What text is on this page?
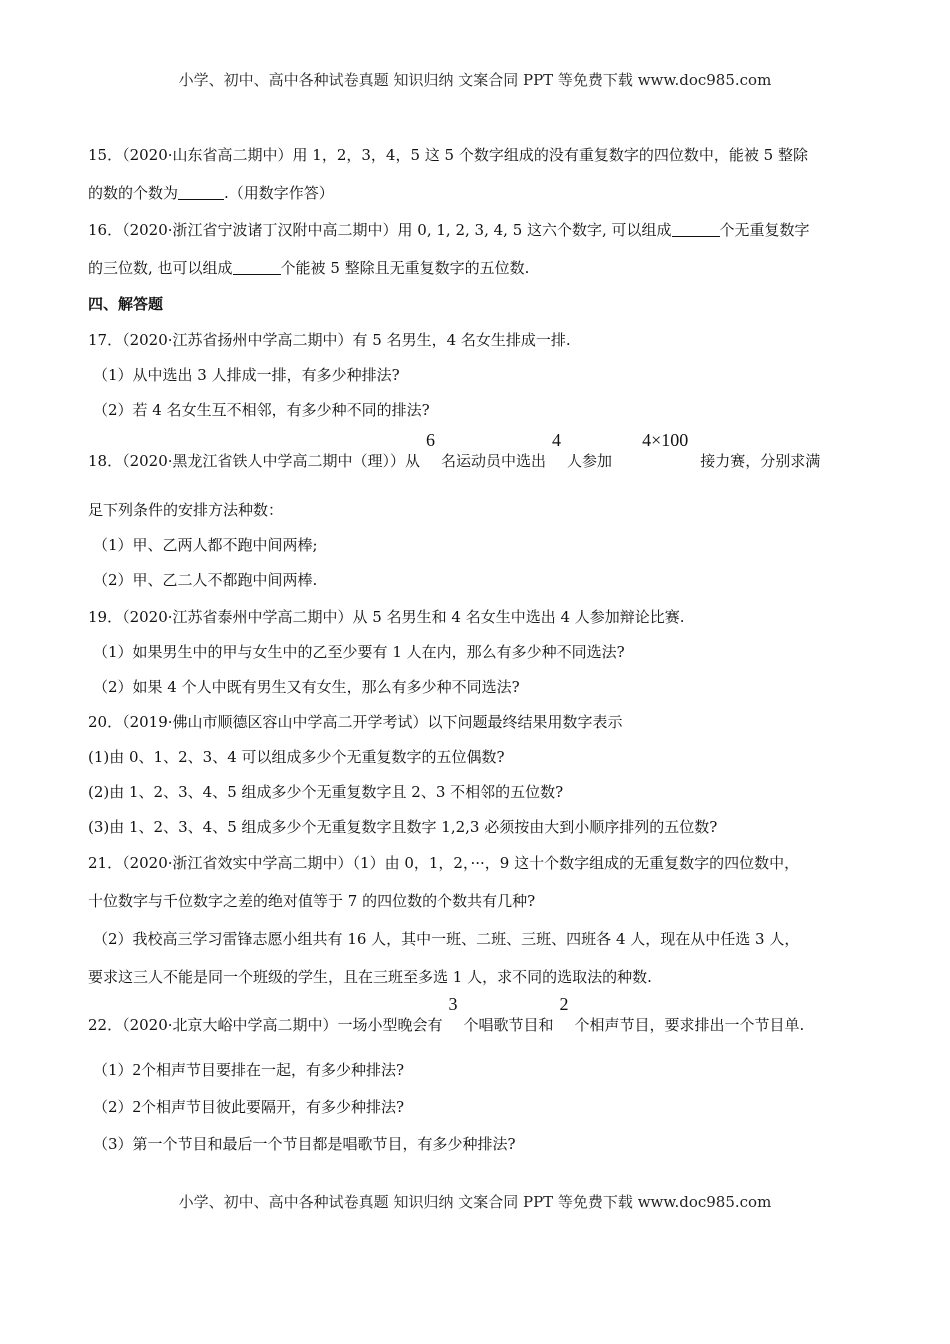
小学、初中、高中各种试卷真题 知识归纳 文案合同 PPT 等免费下载 www.doc985.com
15．（2020·山东省高二期中）用 1，2，3，4，5 这 5 个数字组成的没有重复数字的四位数中，能被 5 整除
的数的个数为	.（用数字作答）
16．（2020·浙江省宁波诸丁汉附中高二期中）用 0, 1, 2, 3, 4, 5 这六个数字, 可以组成	个无重复数字
的三位数, 也可以组成	个能被 5 整除且无重复数字的五位数.
四、解答题
17．（2020·江苏省扬州中学高二期中）有 5 名男生，4 名女生排成一排.
（1）从中选出 3 人排成一排，有多少种排法?
（2）若 4 名女生互不相邻，有多少种不同的排法?
18．（2020·黑龙江省铁人中学高二期中（理））从6名运动员中选出4人参加4×100接力赛，分别求满
足下列条件的安排方法种数：
（1）甲、乙两人都不跑中间两棒;
（2）甲、乙二人不都跑中间两棒.
19．（2020·江苏省泰州中学高二期中）从 5 名男生和 4 名女生中选出 4 人参加辩论比赛.
（1）如果男生中的甲与女生中的乙至少要有 1 人在内，那么有多少种不同选法?
（2）如果 4 个人中既有男生又有女生，那么有多少种不同选法?
20．（2019·佛山市顺德区容山中学高二开学考试）以下问题最终结果用数字表示
(1)由 0、1、2、3、4 可以组成多少个无重复数字的五位偶数?
(2)由 1、2、3、4、5 组成多少个无重复数字且 2、3 不相邻的五位数?
(3)由 1、2、3、4、5 组成多少个无重复数字且数字 1,2,3 必须按由大到小顺序排列的五位数?
21．（2020·浙江省效实中学高二期中）（1）由 0，1，2，···，9 这十个数字组成的无重复数字的四位数中，
十位数字与千位数字之差的绝对值等于 7 的四位数的个数共有几种?
（2）我校高三学习雷锋志愿小组共有 16 人，其中一班、二班、三班、四班各 4 人，现在从中任选 3 人，
要求这三人不能是同一个班级的学生，且在三班至多选 1 人，求不同的选取法的种数.
22．（2020·北京大峪中学高二期中）一场小型晚会有3个唱歌节目和2个相声节目，要求排出一个节目单.
（1）2个相声节目要排在一起，有多少种排法?
（2）2个相声节目彼此要隔开，有多少种排法?
（3）第一个节目和最后一个节目都是唱歌节目，有多少种排法?
小学、初中、高中各种试卷真题 知识归纳 文案合同 PPT 等免费下载 www.doc985.com
